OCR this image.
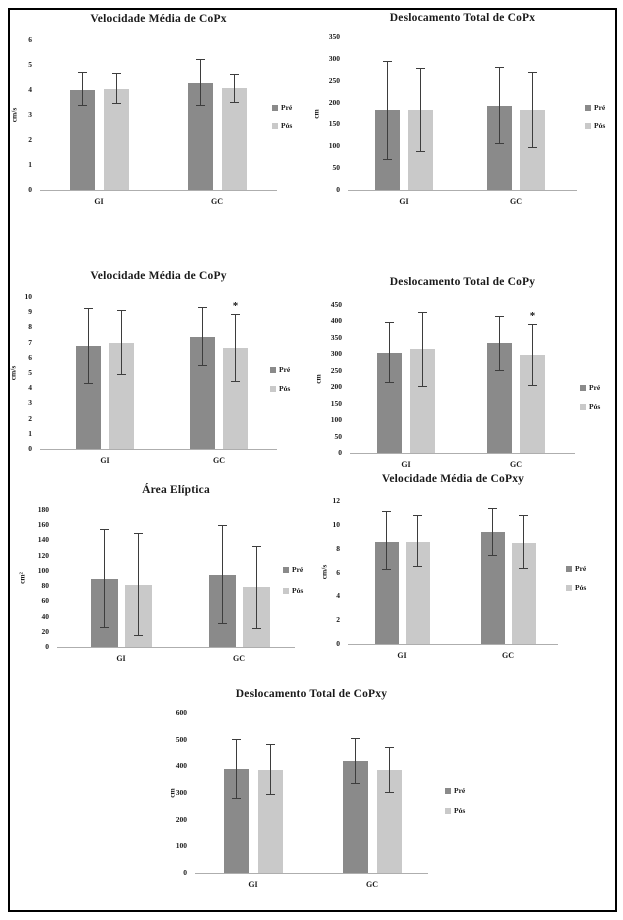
Velocidade Média de CoPx
cm/s
0
1
2
3
4
5
6
GI	GC
Pré
Pós
Deslocamento Total de CoPx
cm
0
50
100
150
200
250
300
350
GI	GC
Pré
Pós
Velocidade Média de CoPy
cm/s
0
1
2
3
4
5
6
7
8
9
10
GI	GC
*
Pré
Pós
Deslocamento Total de CoPy
cm
0
50
100
150
200
250
300
350
400
450
GI	GC
*
Pré
Pós
Área Elíptica
cm²
0
20
40
60
80
100
120
140
160
180
GI	GC
Pré
Pós
Velocidade Média de CoPxy
cm/s
0
2
4
6
8
10
12
GI	GC
Pré
Pós
Deslocamento Total de CoPxy
cm
0
100
200
300
400
500
600
GI	GC
Pré
Pós
